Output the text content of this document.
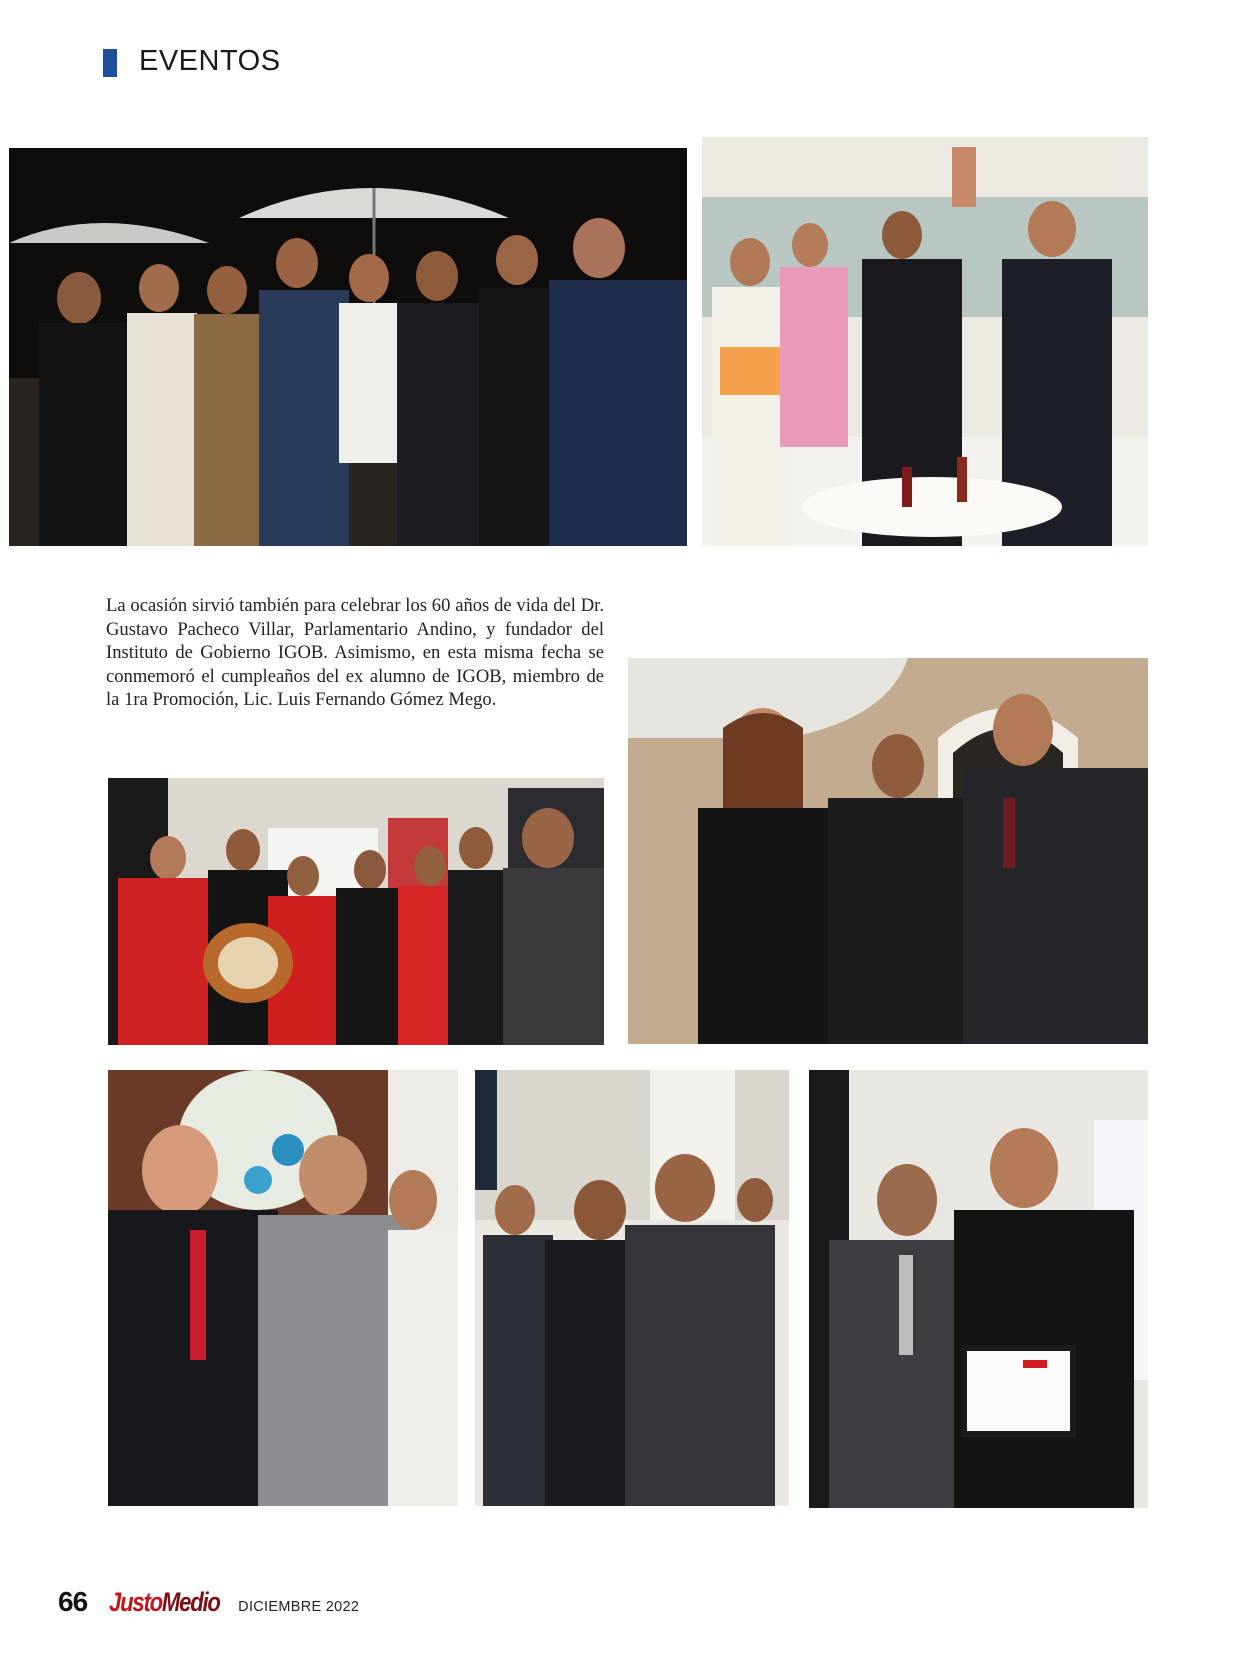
EVENTOS

La ocasión sirvió también para celebrar los 60 años de vida del Dr. Gustavo Pacheco Villar, Parlamentario Andino, y fundador del Instituto de Gobierno IGOB. Asimismo, en esta misma fecha se conmemoró el cumpleaños del ex alumno de IGOB, miembro de la 1ra Promoción, Lic. Luis Fernando Gómez Mego.

66 JustoMedio DICIEMBRE 2022
